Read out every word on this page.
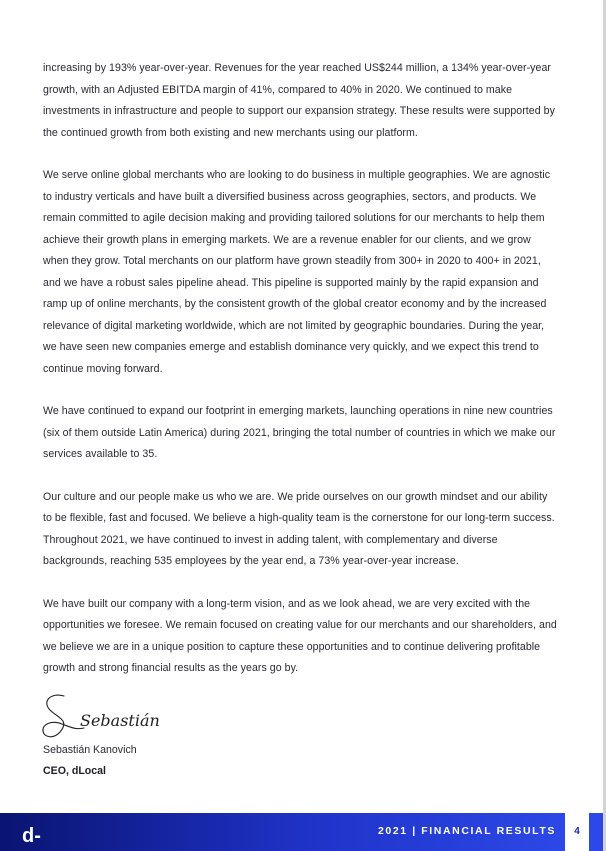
increasing by 193% year-over-year. Revenues for the year reached US$244 million, a 134% year-over-year growth, with an Adjusted EBITDA margin of 41%, compared to 40% in 2020. We continued to make investments in infrastructure and people to support our expansion strategy. These results were supported by the continued growth from both existing and new merchants using our platform.

We serve online global merchants who are looking to do business in multiple geographies. We are agnostic to industry verticals and have built a diversified business across geographies, sectors, and products. We remain committed to agile decision making and providing tailored solutions for our merchants to help them achieve their growth plans in emerging markets. We are a revenue enabler for our clients, and we grow when they grow. Total merchants on our platform have grown steadily from 300+ in 2020 to 400+ in 2021, and we have a robust sales pipeline ahead. This pipeline is supported mainly by the rapid expansion and ramp up of online merchants, by the consistent growth of the global creator economy and by the increased relevance of digital marketing worldwide, which are not limited by geographic boundaries. During the year, we have seen new companies emerge and establish dominance very quickly, and we expect this trend to continue moving forward.

We have continued to expand our footprint in emerging markets, launching operations in nine new countries (six of them outside Latin America) during 2021, bringing the total number of countries in which we make our services available to 35.

Our culture and our people make us who we are. We pride ourselves on our growth mindset and our ability to be flexible, fast and focused. We believe a high-quality team is the cornerstone for our long-term success. Throughout 2021, we have continued to invest in adding talent, with complementary and diverse backgrounds, reaching 535 employees by the year end, a 73% year-over-year increase.

We have built our company with a long-term vision, and as we look ahead, we are very excited with the opportunities we foresee. We remain focused on creating value for our merchants and our shareholders, and we believe we are in a unique position to capture these opportunities and to continue delivering profitable growth and strong financial results as the years go by.

Sebastián
Sebastián Kanovich
CEO, dLocal
d-	2021 | FINANCIAL RESULTS	4
